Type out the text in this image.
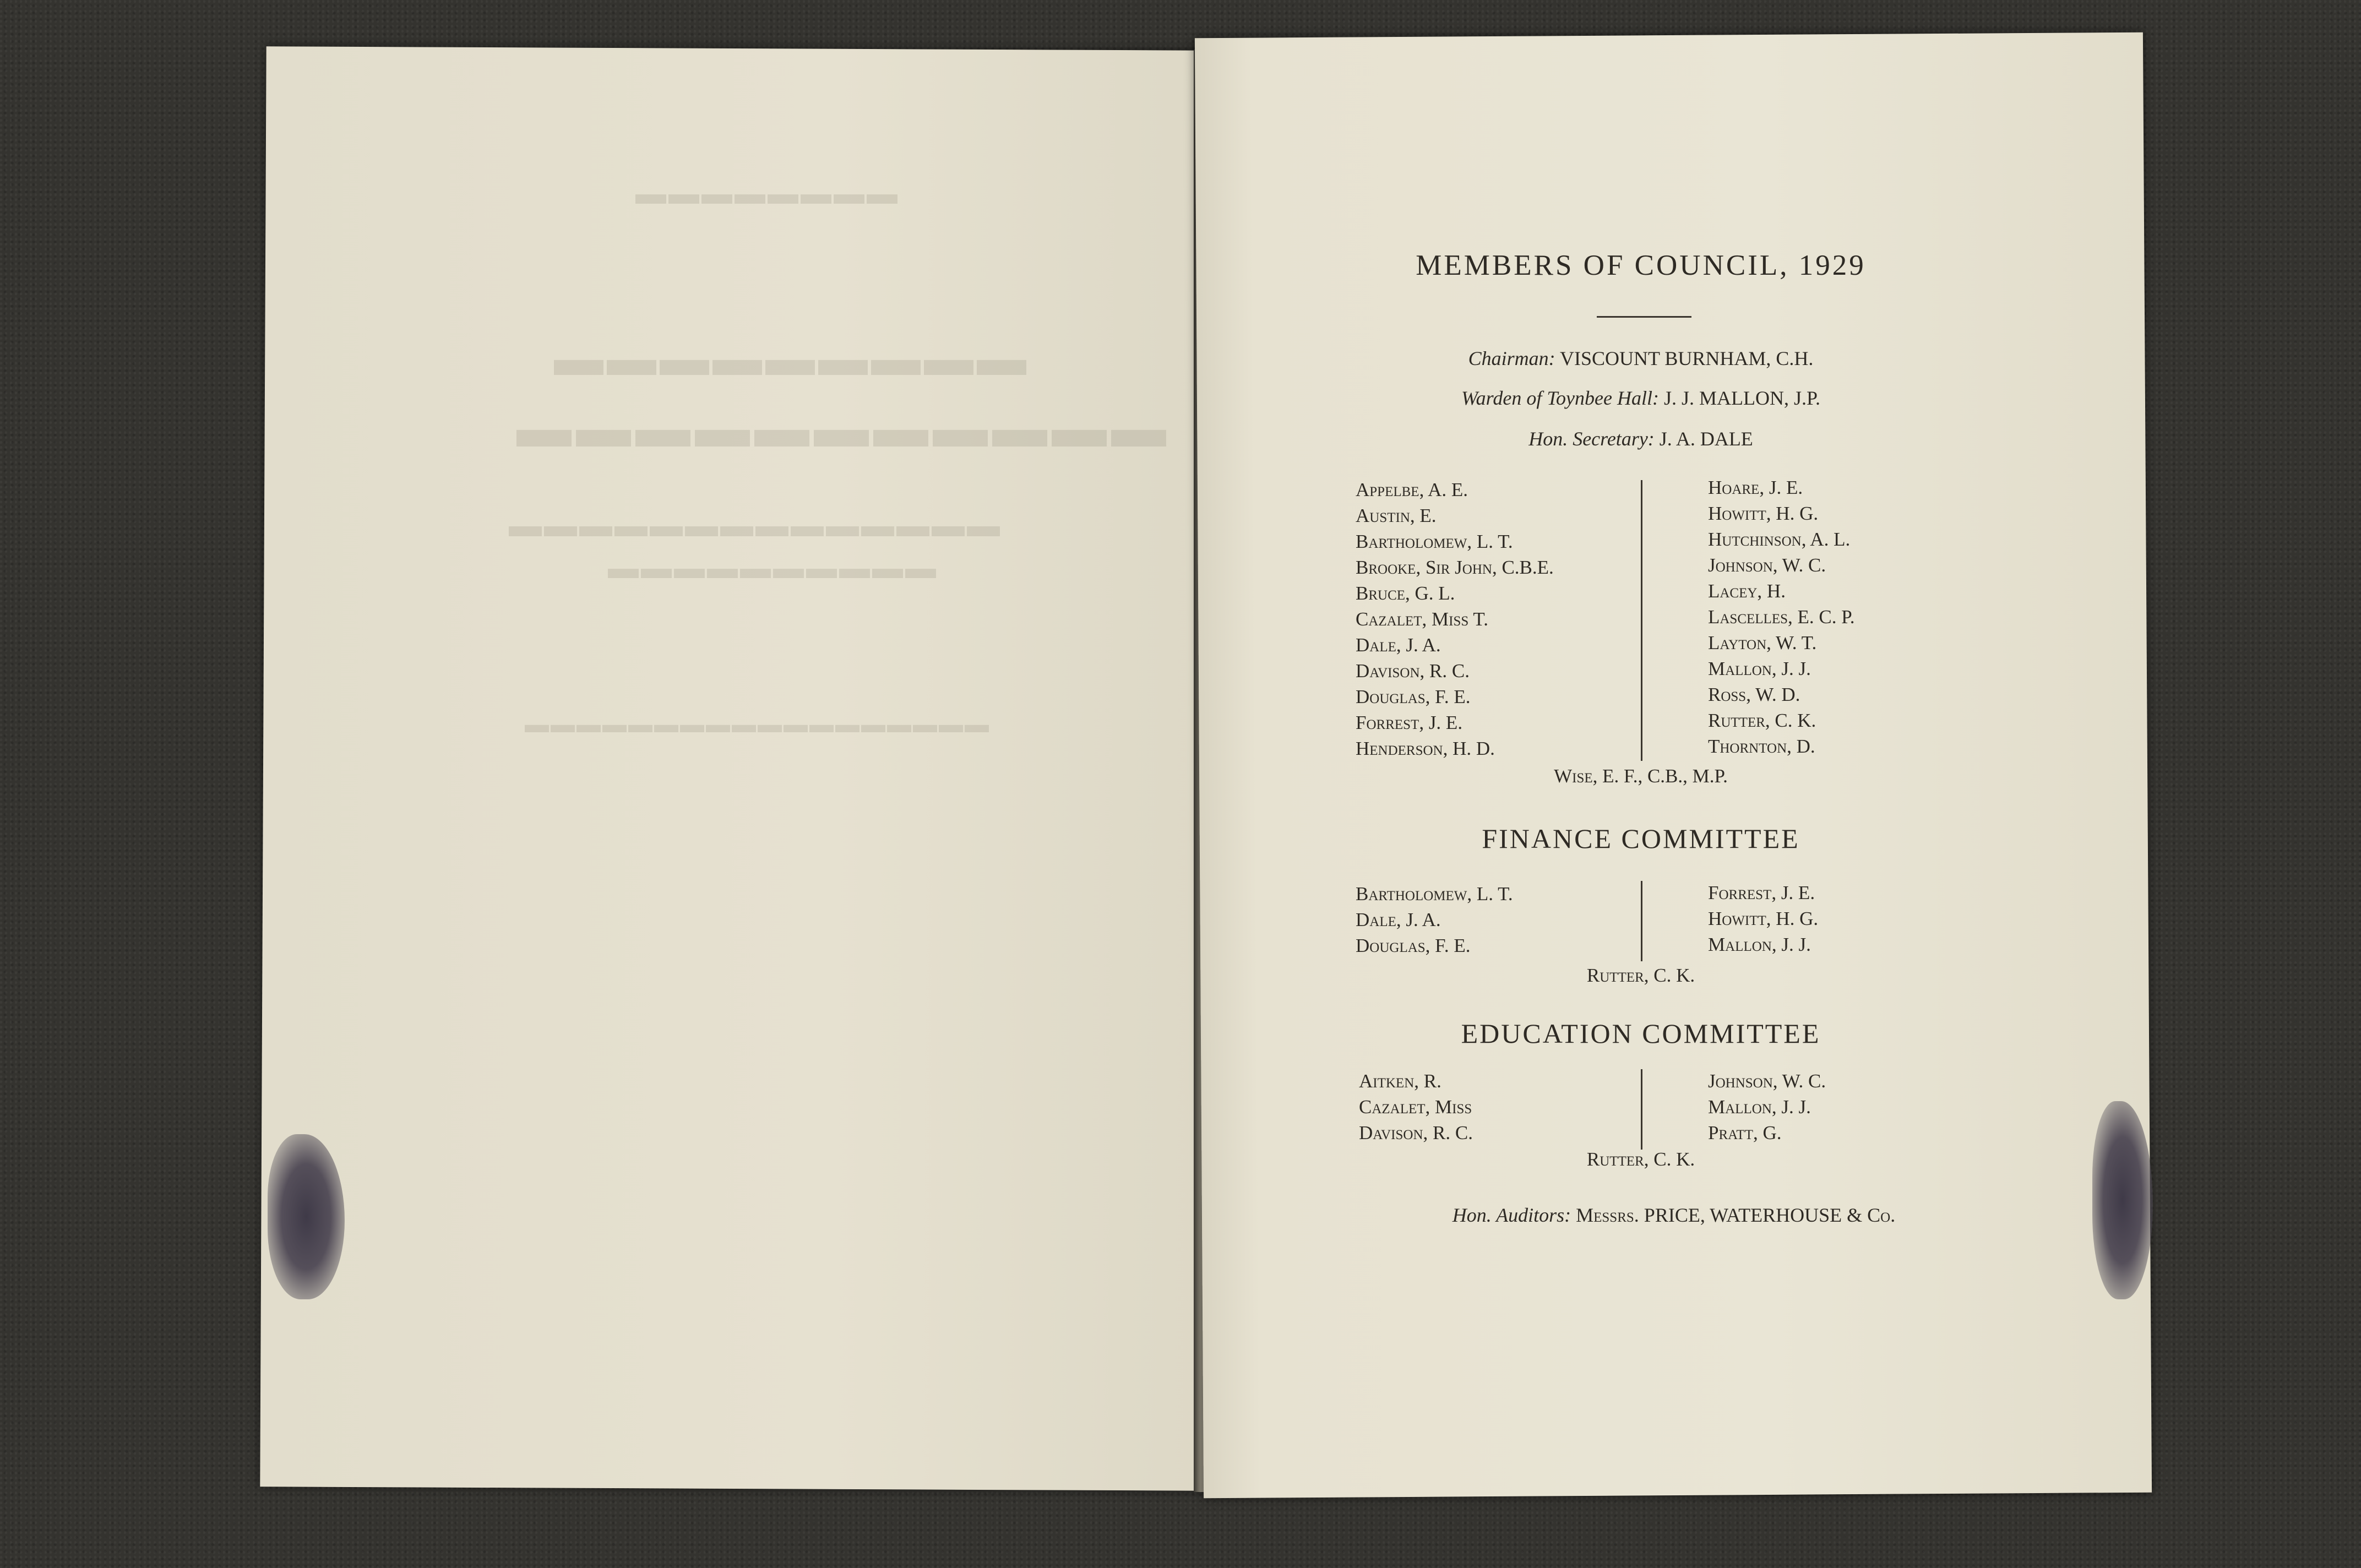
▬▬▬▬▬▬▬▬
▬▬▬▬▬▬▬▬▬
▬▬▬▬▬▬▬▬▬▬▬
▬▬▬▬▬▬▬▬▬▬▬▬▬▬
▬▬▬▬▬▬▬▬▬▬
▬▬▬▬▬▬▬▬▬▬▬▬▬▬▬▬▬▬
MEMBERS OF COUNCIL, 1929
Chairman: VISCOUNT BURNHAM, C.H.
Warden of Toynbee Hall: J. J. MALLON, J.P.
Hon. Secretary: J. A. DALE
Appelbe, A. E.
Austin, E.
Bartholomew, L. T.
Brooke, Sir John, C.B.E.
Bruce, G. L.
Cazalet, Miss T.
Dale, J. A.
Davison, R. C.
Douglas, F. E.
Forrest, J. E.
Henderson, H. D.
Hoare, J. E.
Howitt, H. G.
Hutchinson, A. L.
Johnson, W. C.
Lacey, H.
Lascelles, E. C. P.
Layton, W. T.
Mallon, J. J.
Ross, W. D.
Rutter, C. K.
Thornton, D.
Wise, E. F., C.B., M.P.
FINANCE COMMITTEE
Bartholomew, L. T.
Dale, J. A.
Douglas, F. E.
Forrest, J. E.
Howitt, H. G.
Mallon, J. J.
Rutter, C. K.
EDUCATION COMMITTEE
Aitken, R.
Cazalet, Miss
Davison, R. C.
Johnson, W. C.
Mallon, J. J.
Pratt, G.
Rutter, C. K.
Hon. Auditors: Messrs. PRICE, WATERHOUSE & Co.
